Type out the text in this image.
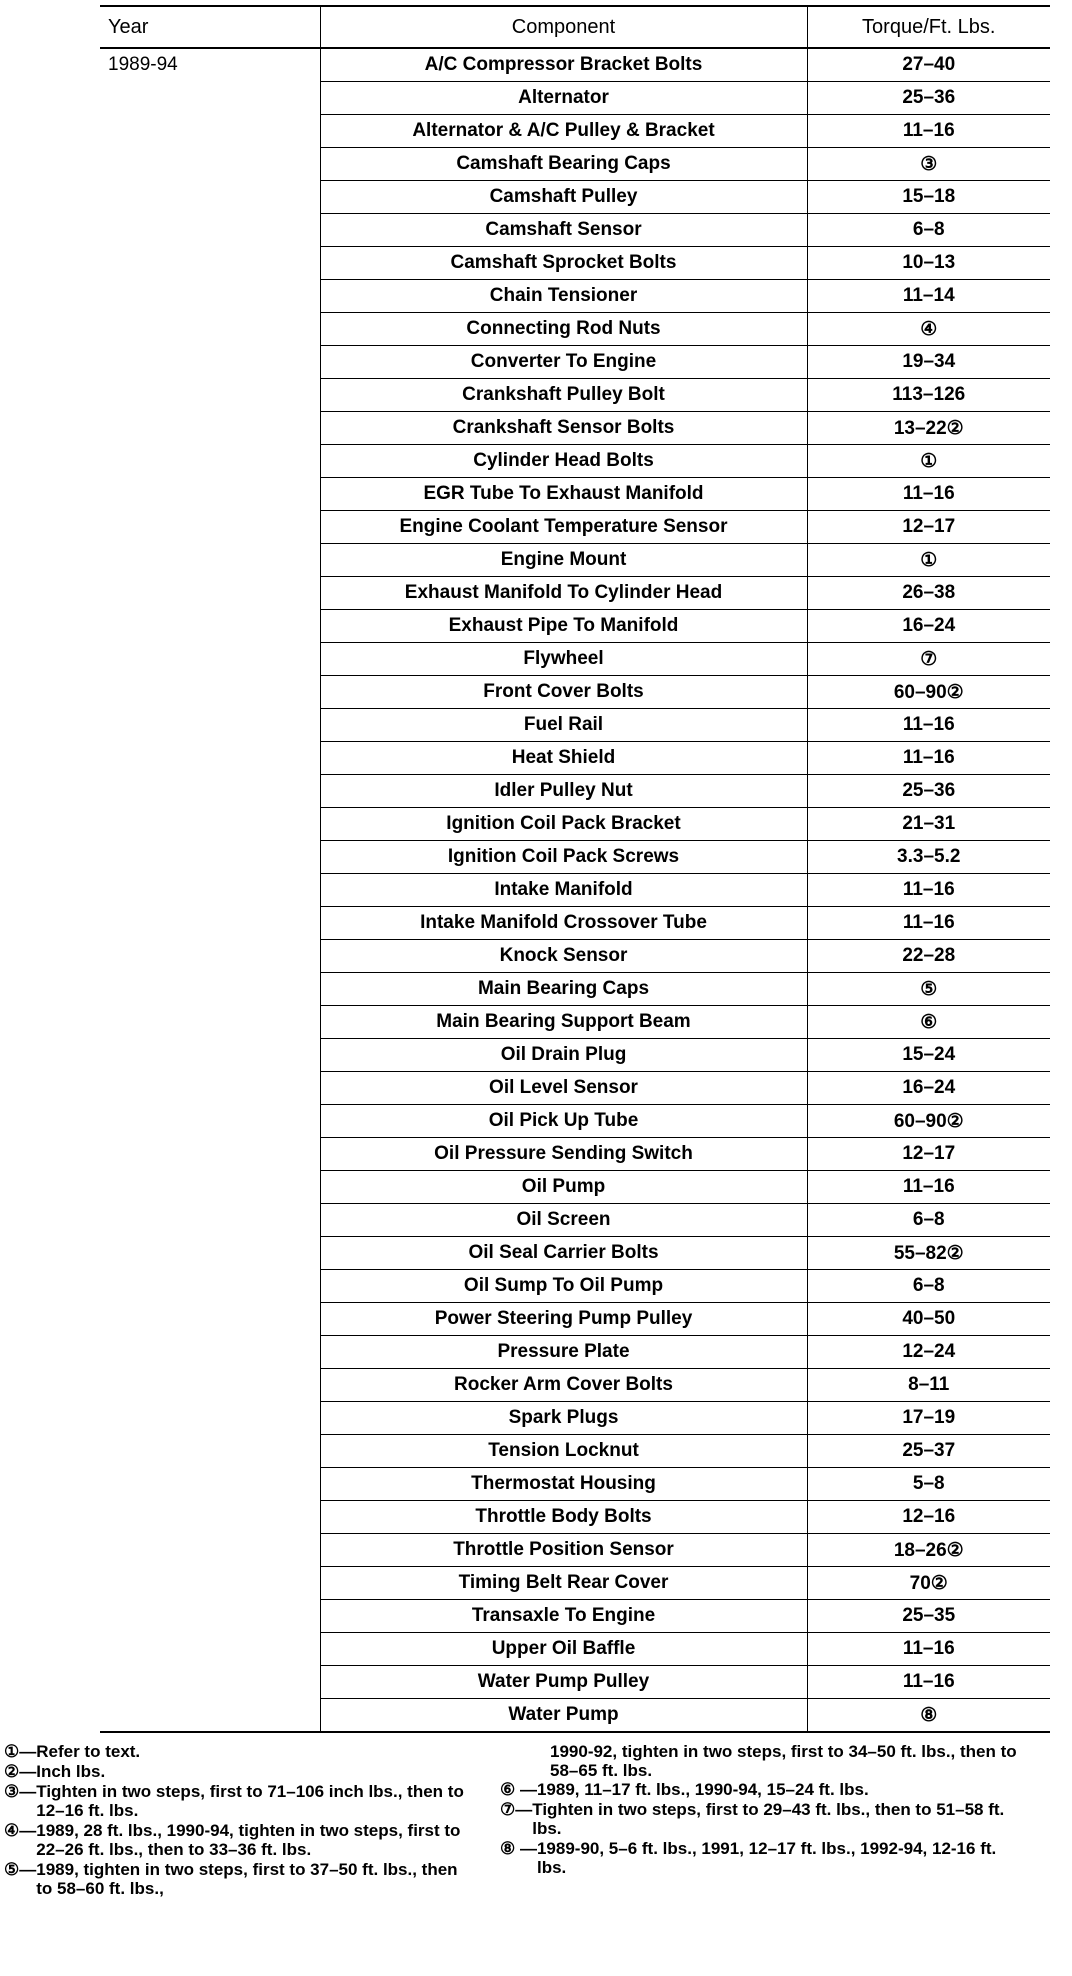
Year	Component	Torque/Ft. Lbs.
1989-94	A/C Compressor Bracket Bolts	27–40
	Alternator	25–36
	Alternator & A/C Pulley & Bracket	11–16
	Camshaft Bearing Caps	③
	Camshaft Pulley	15–18
	Camshaft Sensor	6–8
	Camshaft Sprocket Bolts	10–13
	Chain Tensioner	11–14
	Connecting Rod Nuts	④
	Converter To Engine	19–34
	Crankshaft Pulley Bolt	113–126
	Crankshaft Sensor Bolts	13–22②
	Cylinder Head Bolts	①
	EGR Tube To Exhaust Manifold	11–16
	Engine Coolant Temperature Sensor	12–17
	Engine Mount	①
	Exhaust Manifold To Cylinder Head	26–38
	Exhaust Pipe To Manifold	16–24
	Flywheel	⑦
	Front Cover Bolts	60–90②
	Fuel Rail	11–16
	Heat Shield	11–16
	Idler Pulley Nut	25–36
	Ignition Coil Pack Bracket	21–31
	Ignition Coil Pack Screws	3.3–5.2
	Intake Manifold	11–16
	Intake Manifold Crossover Tube	11–16
	Knock Sensor	22–28
	Main Bearing Caps	⑤
	Main Bearing Support Beam	⑥
	Oil Drain Plug	15–24
	Oil Level Sensor	16–24
	Oil Pick Up Tube	60–90②
	Oil Pressure Sending Switch	12–17
	Oil Pump	11–16
	Oil Screen	6–8
	Oil Seal Carrier Bolts	55–82②
	Oil Sump To Oil Pump	6–8
	Power Steering Pump Pulley	40–50
	Pressure Plate	12–24
	Rocker Arm Cover Bolts	8–11
	Spark Plugs	17–19
	Tension Locknut	25–37
	Thermostat Housing	5–8
	Throttle Body Bolts	12–16
	Throttle Position Sensor	18–26②
	Timing Belt Rear Cover	70②
	Transaxle To Engine	25–35
	Upper Oil Baffle	11–16
	Water Pump Pulley	11–16
	Water Pump	⑧
①— Refer to text.
②— Inch lbs.
③— Tighten in two steps, first to 71–106 inch lbs., then to 12–16 ft. lbs.
④— 1989, 28 ft. lbs., 1990-94, tighten in two steps, first to 22–26 ft. lbs., then to 33–36 ft. lbs.
⑤— 1989, tighten in two steps, first to 37–50 ft. lbs., then to 58–60 ft. lbs.,
1990-92, tighten in two steps, first to 34–50 ft. lbs., then to 58–65 ft. lbs.
⑥ — 1989, 11–17 ft. lbs., 1990-94, 15–24 ft. lbs.
⑦— Tighten in two steps, first to 29–43 ft. lbs., then to 51–58 ft. lbs.
⑧ — 1989-90, 5–6 ft. lbs., 1991, 12–17 ft. lbs., 1992-94, 12-16 ft. lbs.
